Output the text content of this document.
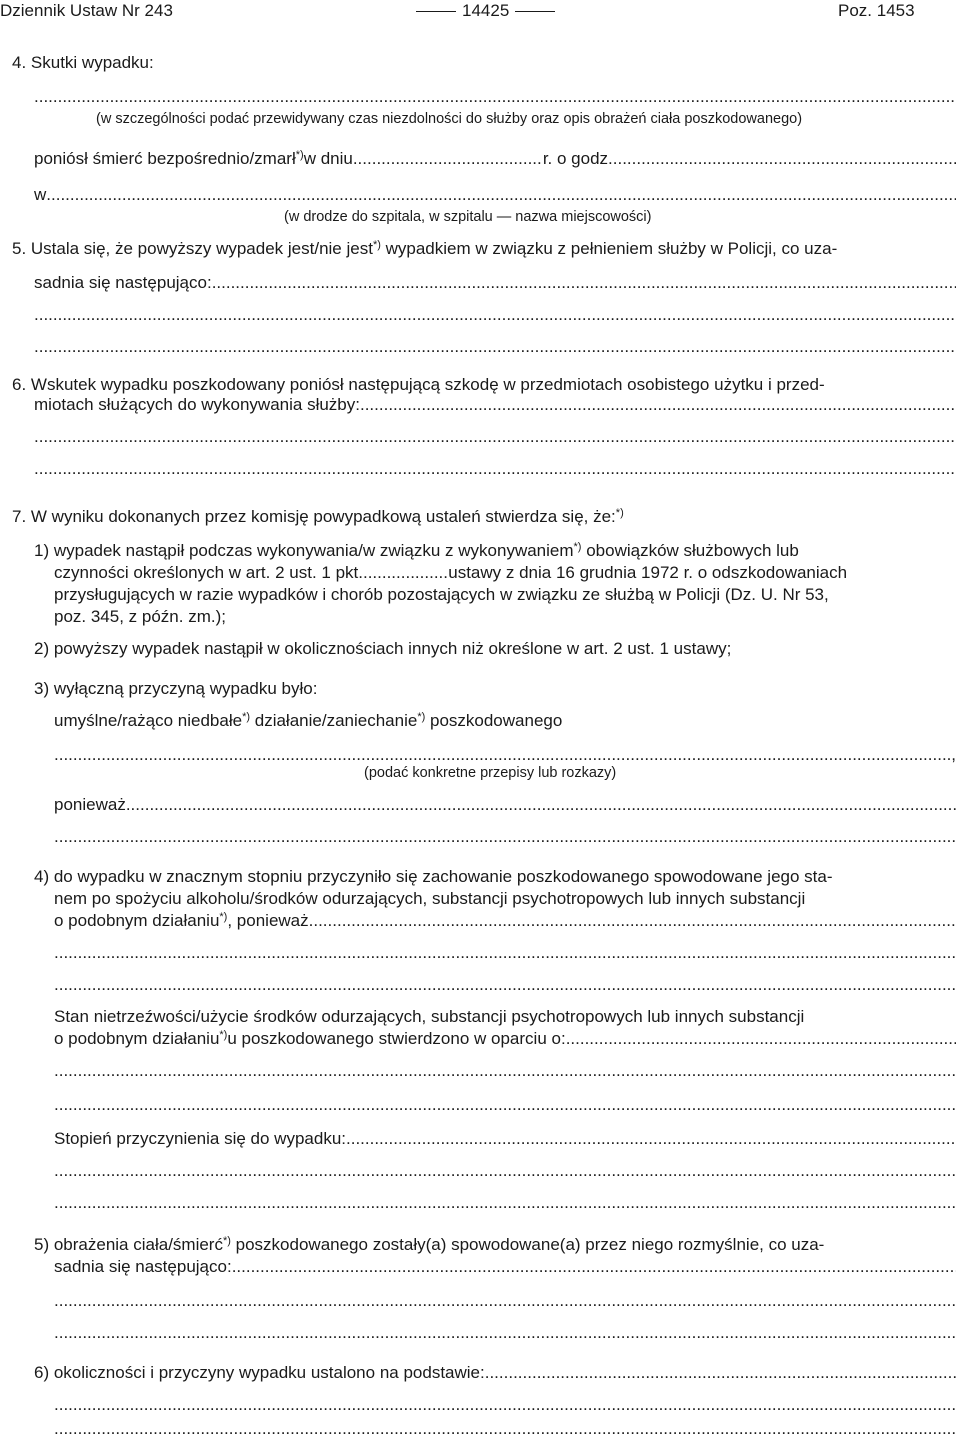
Dziennik Ustaw Nr 243	14425	Poz. 1453
4. Skutki wypadku:
.....
(w szczególności podać przewidywany czas niezdolności do służby oraz opis obrażeń ciała poszkodowanego)
poniósł śmierć bezpośrednio/zmarł *) w dniu .....	r. o godz.
.....
w
.....
(w drodze do szpitala, w szpitalu — nazwa miejscowości)
5. Ustala się, że powyższy wypadek jest/nie jest*) wypadkiem w związku z pełnieniem służby w Policji, co uza-
sadnia się następująco:
.....
.....
.....
6. Wskutek wypadku poszkodowany poniósł następującą szkodę w przedmiotach osobistego użytku i przed-
miotach służących do wykonywania służby:
.....
.....
.....
7. W wyniku dokonanych przez komisję powypadkową ustaleń stwierdza się, że:*)
1) wypadek nastąpił podczas wykonywania/w związku z wykonywaniem*) obowiązków służbowych lub
czynności określonych w art. 2 ust. 1 pkt .....	ustawy z dnia 16 grudnia 1972 r. o odszkodowaniach
przysługujących w razie wypadków i chorób pozostających w związku ze służbą w Policji (Dz. U. Nr 53,
poz. 345, z późn. zm.);
2) powyższy wypadek nastąpił w okolicznościach innych niż określone w art. 2 ust. 1 ustawy;
3) wyłączną przyczyną wypadku było:
umyślne/rażąco niedbałe*) działanie/zaniechanie*) poszkodowanego
.....
,
(podać konkretne przepisy lub rozkazy)
ponieważ
.....
.....
4) do wypadku w znacznym stopniu przyczyniło się zachowanie poszkodowanego spowodowane jego sta-
nem po spożyciu alkoholu/środków odurzających, substancji psychotropowych lub innych substancji
o podobnym działaniu *) , ponieważ
.....
.....
.....
Stan nietrzeźwości/użycie środków odurzających, substancji psychotropowych lub innych substancji
o podobnym działaniu *) u poszkodowanego stwierdzono w oparciu o:
.....
.....
.....
Stopień przyczynienia się do wypadku:
.....
.....
.....
5) obrażenia ciała/śmierć*) poszkodowanego zostały(a) spowodowane(a) przez niego rozmyślnie, co uza-
sadnia się następująco:
.....
.....
.....
6) okoliczności i przyczyny wypadku ustalono na podstawie:
.....
.....
.....
